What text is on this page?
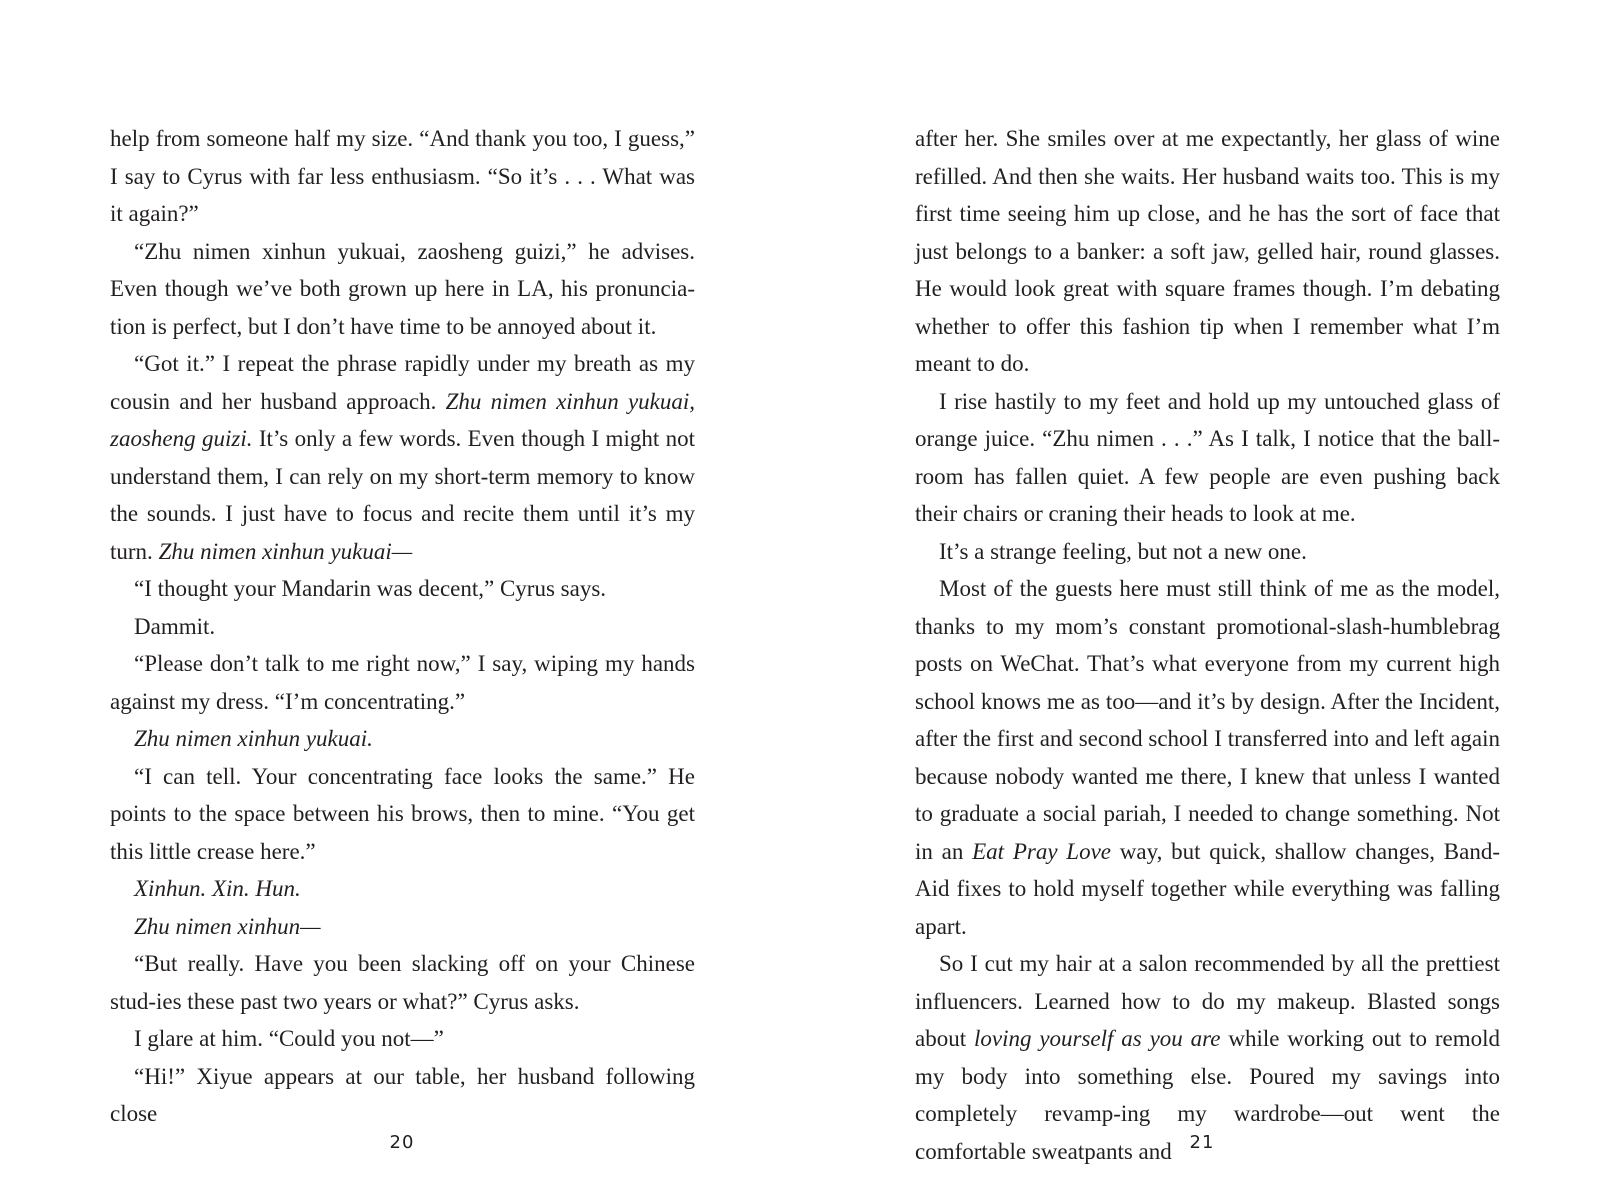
help from someone half my size. “And thank you too, I guess,” I say to Cyrus with far less enthusiasm. “So it’s . . . What was it again?”

“Zhu nimen xinhun yukuai, zaosheng guizi,” he advises. Even though we’ve both grown up here in LA, his pronuncia-tion is perfect, but I don’t have time to be annoyed about it.

“Got it.” I repeat the phrase rapidly under my breath as my cousin and her husband approach. Zhu nimen xinhun yukuai, zaosheng guizi. It’s only a few words. Even though I might not understand them, I can rely on my short-term memory to know the sounds. I just have to focus and recite them until it’s my turn. Zhu nimen xinhun yukuai—

“I thought your Mandarin was decent,” Cyrus says.

Dammit.

“Please don’t talk to me right now,” I say, wiping my hands against my dress. “I’m concentrating.”

Zhu nimen xinhun yukuai.

“I can tell. Your concentrating face looks the same.” He points to the space between his brows, then to mine. “You get this little crease here.”

Xinhun. Xin. Hun.

Zhu nimen xinhun—

“But really. Have you been slacking off on your Chinese stud-ies these past two years or what?” Cyrus asks.

I glare at him. “Could you not—”

“Hi!” Xiyue appears at our table, her husband following close

20

after her. She smiles over at me expectantly, her glass of wine refilled. And then she waits. Her husband waits too. This is my first time seeing him up close, and he has the sort of face that just belongs to a banker: a soft jaw, gelled hair, round glasses. He would look great with square frames though. I’m debating whether to offer this fashion tip when I remember what I’m meant to do.

I rise hastily to my feet and hold up my untouched glass of orange juice. “Zhu nimen . . .” As I talk, I notice that the ball-room has fallen quiet. A few people are even pushing back their chairs or craning their heads to look at me.

It’s a strange feeling, but not a new one.

Most of the guests here must still think of me as the model, thanks to my mom’s constant promotional-slash-humblebrag posts on WeChat. That’s what everyone from my current high school knows me as too—and it’s by design. After the Incident, after the first and second school I transferred into and left again because nobody wanted me there, I knew that unless I wanted to graduate a social pariah, I needed to change something. Not in an Eat Pray Love way, but quick, shallow changes, Band-Aid fixes to hold myself together while everything was falling apart.

So I cut my hair at a salon recommended by all the prettiest influencers. Learned how to do my makeup. Blasted songs about loving yourself as you are while working out to remold my body into something else. Poured my savings into completely revamp-ing my wardrobe—out went the comfortable sweatpants and 21
